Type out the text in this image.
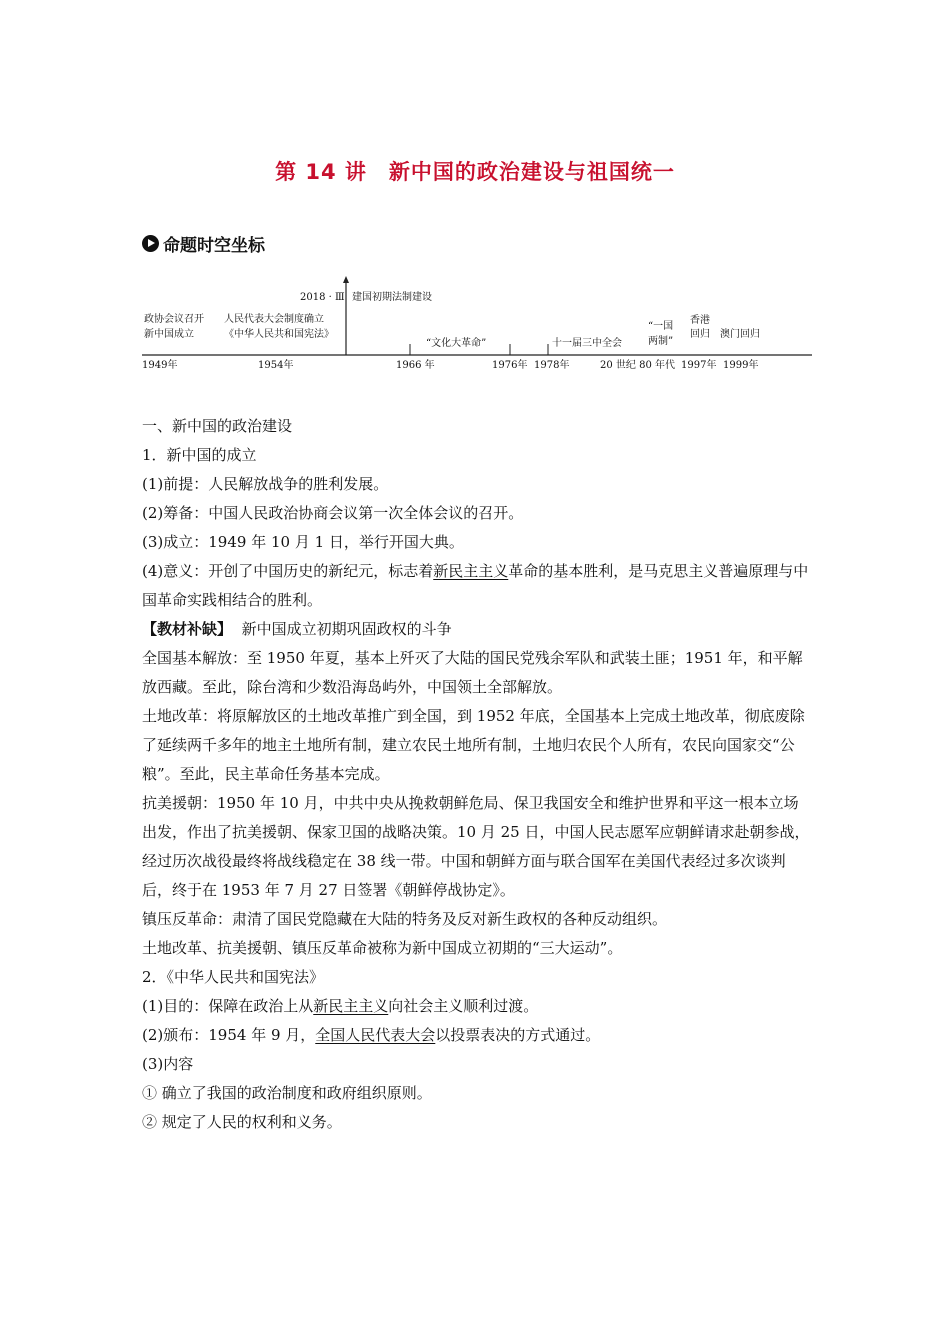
第 14 讲　新中国的政治建设与祖国统一
命题时空坐标
2018 · Ⅲ 建国初期法制建设
政协会议召开
新中国成立
人民代表大会制度确立
《中华人民共和国宪法》
“文化大革命”	十一届三中全会
“一国
两制”
香港
回归 澳门回归
1949年	1954年	1966 年	1976年 1978年	20 世纪 80 年代 1997年 1999年

一、新中国的政治建设

1．新中国的成立

(1)前提：人民解放战争的胜利发展。

(2)筹备：中国人民政治协商会议第一次全体会议的召开。

(3)成立：1949 年 10 月 1 日，举行开国大典。

(4)意义：开创了中国历史的新纪元，标志着新民主主义革命的基本胜利，是马克思主义普遍原理与中国革命实践相结合的胜利。

【教材补缺】 新中国成立初期巩固政权的斗争

全国基本解放：至 1950 年夏，基本上歼灭了大陆的国民党残余军队和武装土匪；1951 年，和平解放西藏。至此，除台湾和少数沿海岛屿外，中国领土全部解放。

土地改革：将原解放区的土地改革推广到全国，到 1952 年底，全国基本上完成土地改革，彻底废除了延续两千多年的地主土地所有制，建立农民土地所有制，土地归农民个人所有，农民向国家交“公粮”。至此，民主革命任务基本完成。

抗美援朝：1950 年 10 月，中共中央从挽救朝鲜危局、保卫我国安全和维护世界和平这一根本立场出发，作出了抗美援朝、保家卫国的战略决策。10 月 25 日，中国人民志愿军应朝鲜请求赴朝参战，经过历次战役最终将战线稳定在 38 线一带。中国和朝鲜方面与联合国军在美国代表经过多次谈判后，终于在 1953 年 7 月 27 日签署《朝鲜停战协定》。

镇压反革命：肃清了国民党隐藏在大陆的特务及反对新生政权的各种反动组织。

土地改革、抗美援朝、镇压反革命被称为新中国成立初期的“三大运动”。

2．《中华人民共和国宪法》

(1)目的：保障在政治上从新民主主义向社会主义顺利过渡。

(2)颁布：1954 年 9 月，全国人民代表大会以投票表决的方式通过。

(3)内容

① 确立了我国的政治制度和政府组织原则。

② 规定了人民的权利和义务。
